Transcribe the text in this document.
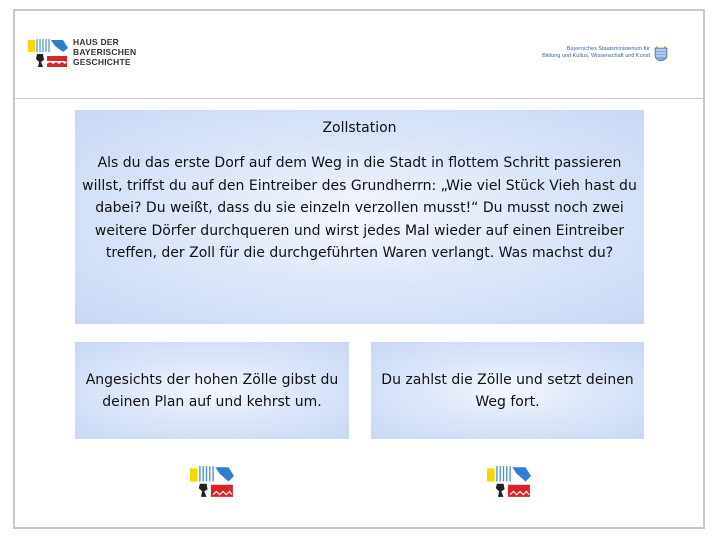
HAUS DER
BAYERISCHEN
GESCHICHTE
Bayerisches Staatsministerium für
Bildung und Kultus, Wissenschaft und Kunst
Zollstation
Als du das erste Dorf auf dem Weg in die Stadt in flottem Schritt passieren willst, triffst du auf den Eintreiber des Grundherrn: „Wie viel Stück Vieh hast du dabei? Du weißt, dass du sie einzeln verzollen musst!“ Du musst noch zwei weitere Dörfer durchqueren und wirst jedes Mal wieder auf einen Eintreiber treffen, der Zoll für die durchgeführten Waren verlangt. Was machst du?
Angesichts der hohen Zölle gibst du deinen Plan auf und kehrst um.
Du zahlst die Zölle und setzt deinen Weg fort.
